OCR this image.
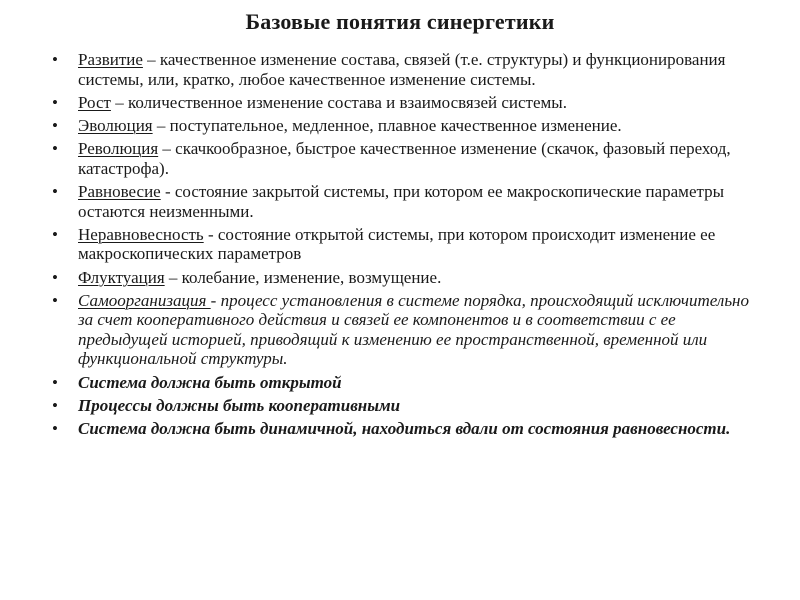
Базовые понятия синергетики
•	Развитие – качественное изменение состава, связей (т.е. структуры) и функционирования системы, или, кратко, любое качественное изменение системы.
•	Рост – количественное изменение состава и взаимосвязей системы.
•	Эволюция – поступательное, медленное, плавное качественное изменение.
•	Революция – скачкообразное, быстрое качественное изменение (скачок, фазовый переход, катастрофа).
•	Равновесие - состояние закрытой системы, при котором ее макроскопические параметры остаются неизменными.
•	Неравновесность - состояние открытой системы, при котором происходит изменение ее макроскопических параметров
•	Флуктуация – колебание, изменение, возмущение.
•	Самоорганизация - процесс установления в системе порядка, происходящий исключительно за счет кооперативного действия и связей ее компонентов и в соответствии с ее предыдущей историей, приводящий к изменению ее пространственной, временной или функциональной структуры.
•	Система должна быть открытой
•	Процессы должны быть кооперативными
•	Система должна быть динамичной, находиться вдали от состояния равновесности.
